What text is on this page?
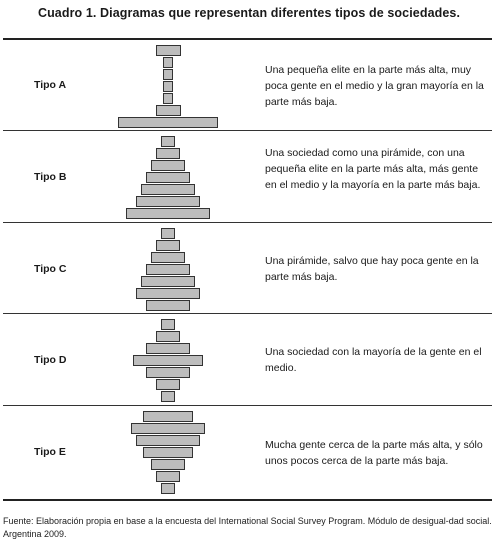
Cuadro 1. Diagramas que representan diferentes tipos de sociedades.
Tipo A
Una pequeña elite en la parte más alta, muy poca gente en el medio y la gran mayoría en la parte más baja.
Tipo B
Una sociedad como una pirámide, con una pequeña elite en la parte más alta, más gente en el medio y la mayoría en la parte más baja.
Tipo C
Una pirámide, salvo que hay poca gente en la parte más baja.
Tipo D
Una sociedad con la mayoría de la gente en el medio.
Tipo E
Mucha gente cerca de la parte más alta, y sólo unos pocos cerca de la parte más baja.
Fuente: Elaboración propia en base a la encuesta del International Social Survey Program. Módulo de desigual-dad social. Argentina 2009.
